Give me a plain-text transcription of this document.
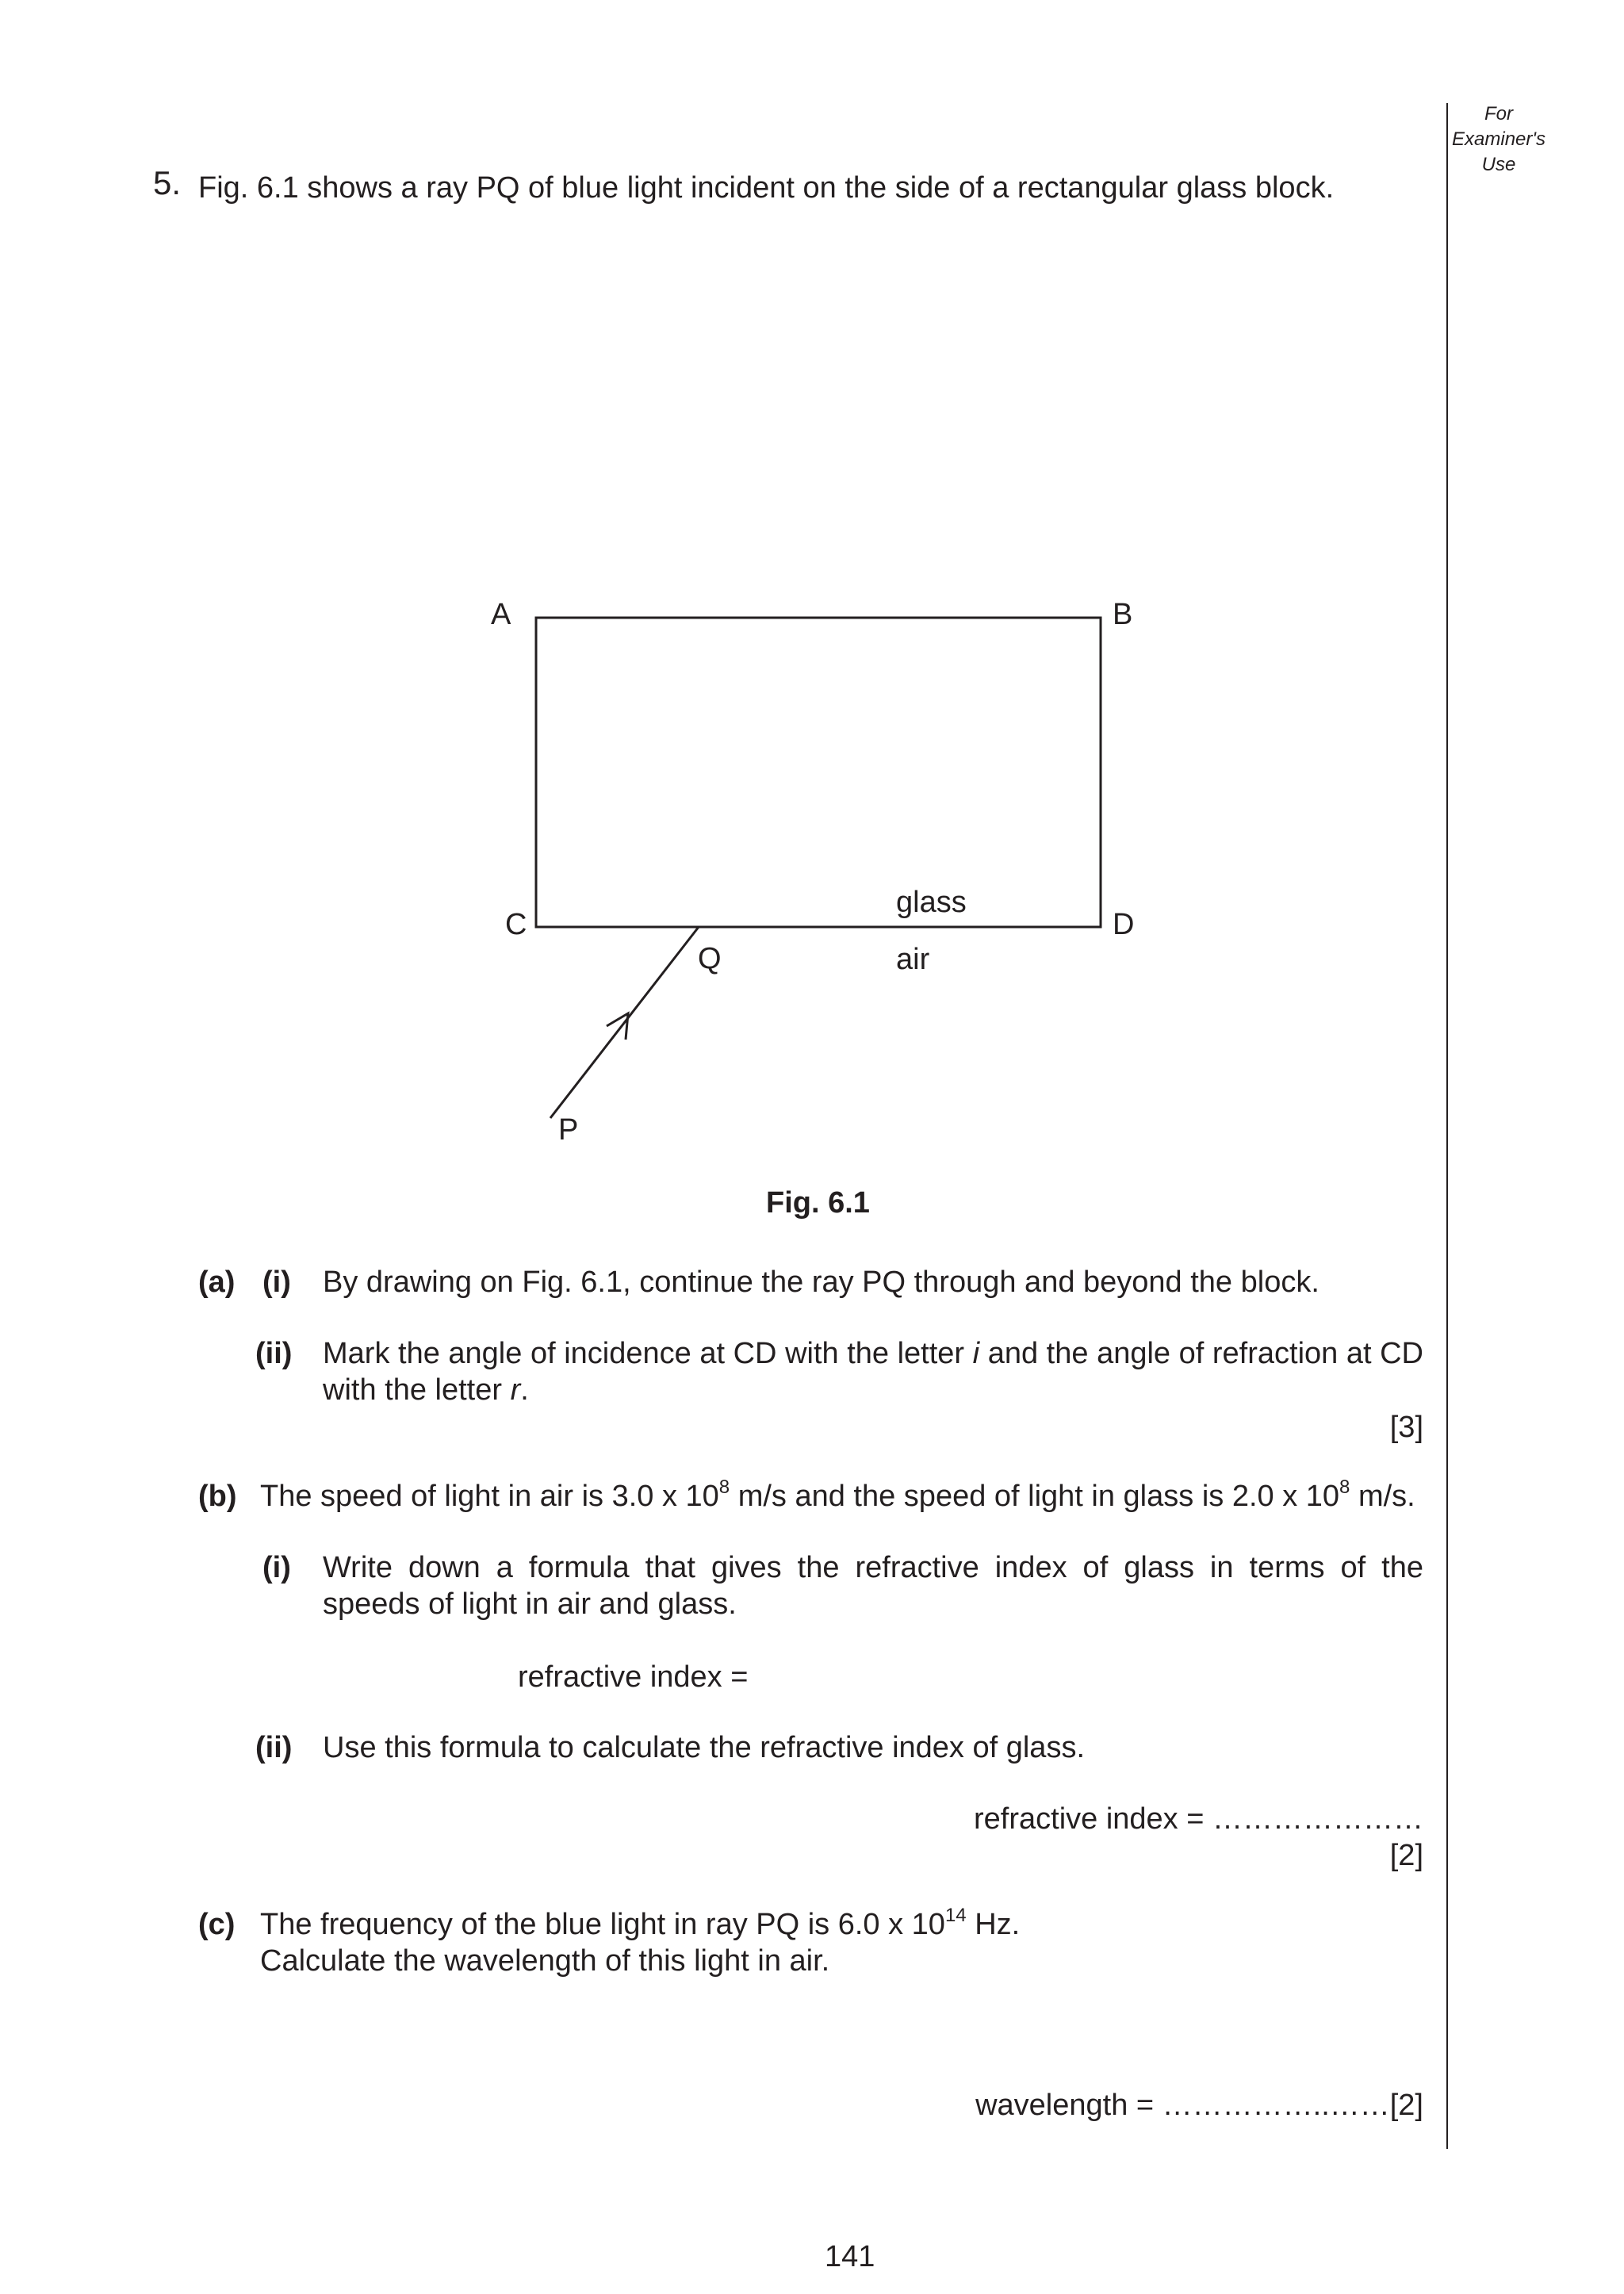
For Examiner's Use
5. Fig. 6.1 shows a ray PQ of blue light incident on the side of a rectangular glass block.
A	B
C	D
Q
P
glass
air
Fig. 6.1
(a) (i) By drawing on Fig. 6.1, continue the ray PQ through and beyond the block.
(ii) Mark the angle of incidence at CD with the letter i and the angle of refraction at CD
with the letter r.
[3]
(b) The speed of light in air is 3.0 x $10^8$ m/s and the speed of light in glass is 2.0 x $10^8$ m/s.
(i) Write down a formula that gives the refractive index of glass in terms of the
speeds of light in air and glass.
refractive index =
(ii) Use this formula to calculate the refractive index of glass.
refractive index = …………………
[2]
(c) The frequency of the blue light in ray PQ is 6.0 x $10^{14}$ Hz.
Calculate the wavelength of this light in air.
wavelength = ……………..……[2]
141
